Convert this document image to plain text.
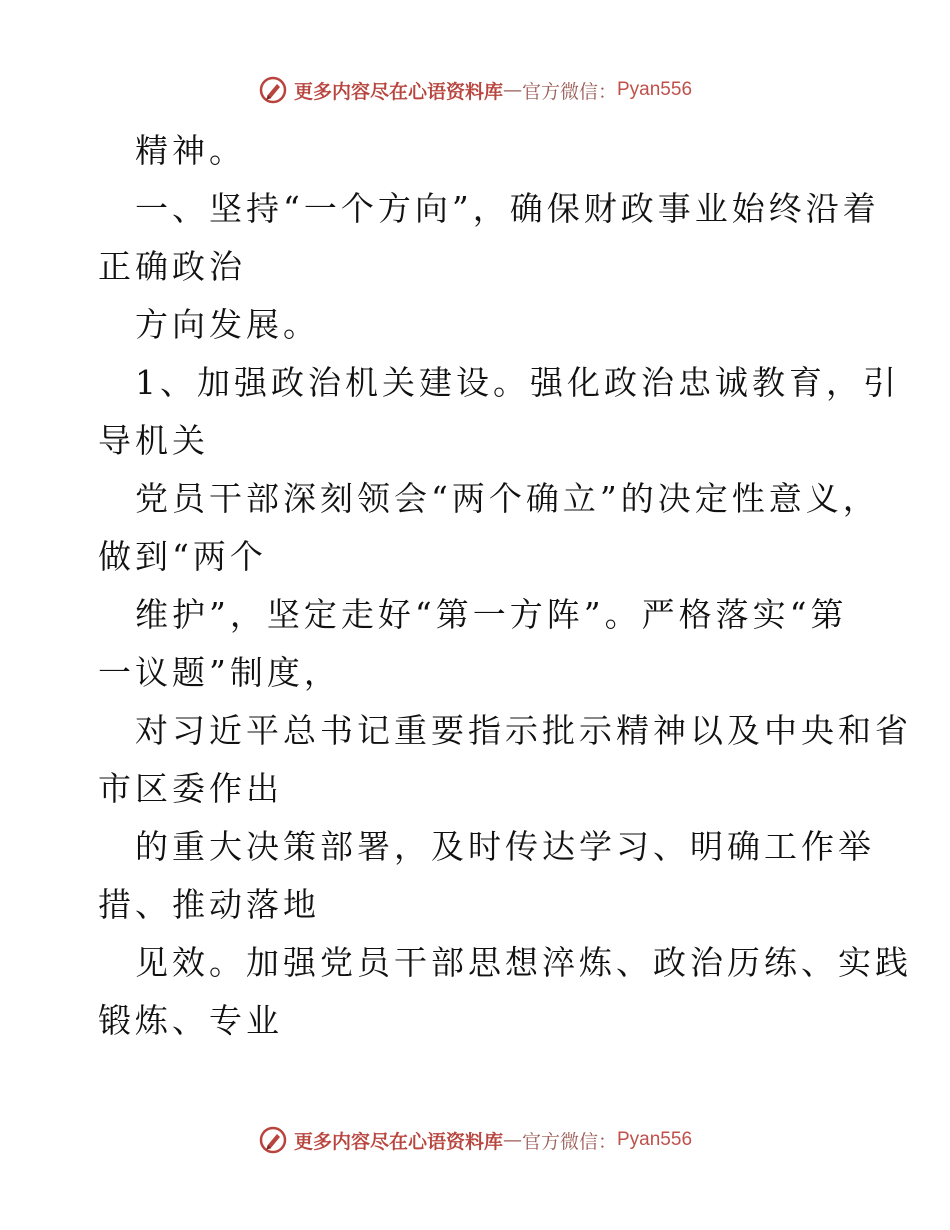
更多内容尽在心语资料库 — 官方微信： Pyan556

精神。

一、坚持“一个方向”，确保财政事业始终沿着

正确政治

方向发展。

1、加强政治机关建设。强化政治忠诚教育，引

导机关

党员干部深刻领会“两个确立”的决定性意义，

做到“两个

维护”，坚定走好“第一方阵”。严格落实“第

一议题”制度，

对习近平总书记重要指示批示精神以及中央和省

市区委作出

的重大决策部署，及时传达学习、明确工作举

措、推动落地

见效。加强党员干部思想淬炼、政治历练、实践

锻炼、专业

更多内容尽在心语资料库 — 官方微信： Pyan556
